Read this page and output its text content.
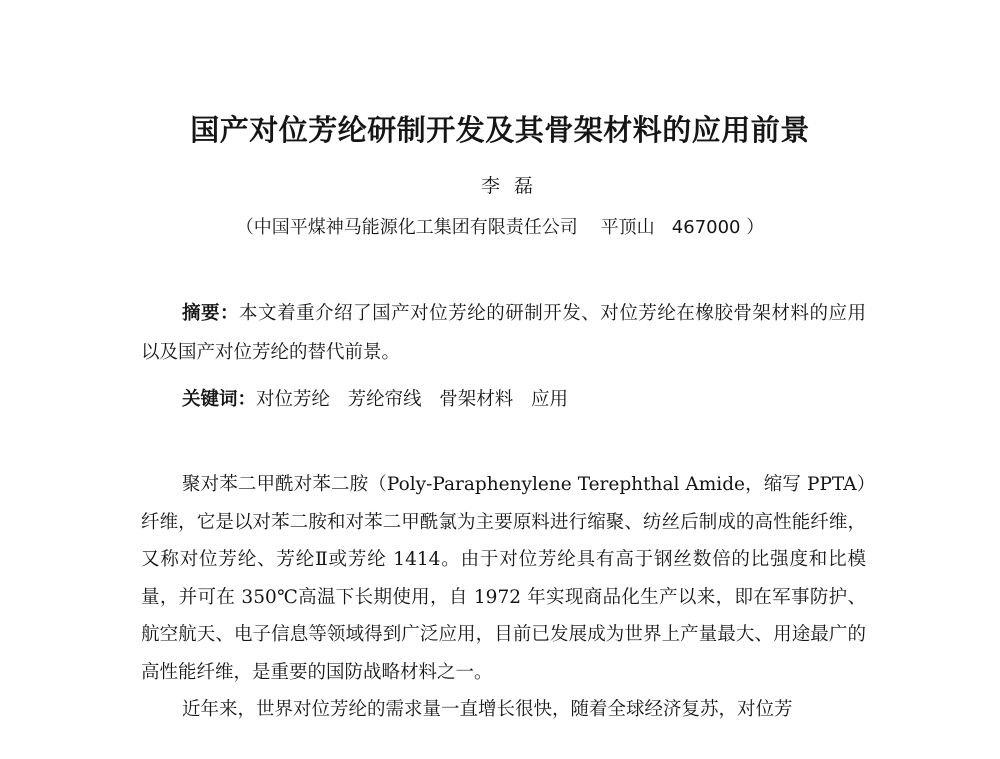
国产对位芳纶研制开发及其骨架材料的应用前景
李磊
（中国平煤神马能源化工集团有限责任公司    平顶山   467000 ）
摘要：本文着重介绍了国产对位芳纶的研制开发、对位芳纶在橡胶骨架材料的应用以及国产对位芳纶的替代前景。
关键词：对位芳纶   芳纶帘线   骨架材料   应用

聚对苯二甲酰对苯二胺（Poly-Paraphenylene Terephthal Amide，缩写 PPTA）纤维，它是以对苯二胺和对苯二甲酰氯为主要原料进行缩聚、纺丝后制成的高性能纤维，又称对位芳纶、芳纶Ⅱ或芳纶 1414。由于对位芳纶具有高于钢丝数倍的比强度和比模量，并可在 350℃高温下长期使用，自 1972 年实现商品化生产以来，即在军事防护、航空航天、电子信息等领域得到广泛应用，目前已发展成为世界上产量最大、用途最广的高性能纤维，是重要的国防战略材料之一。

近年来，世界对位芳纶的需求量一直增长很快，随着全球经济复苏，对位芳
